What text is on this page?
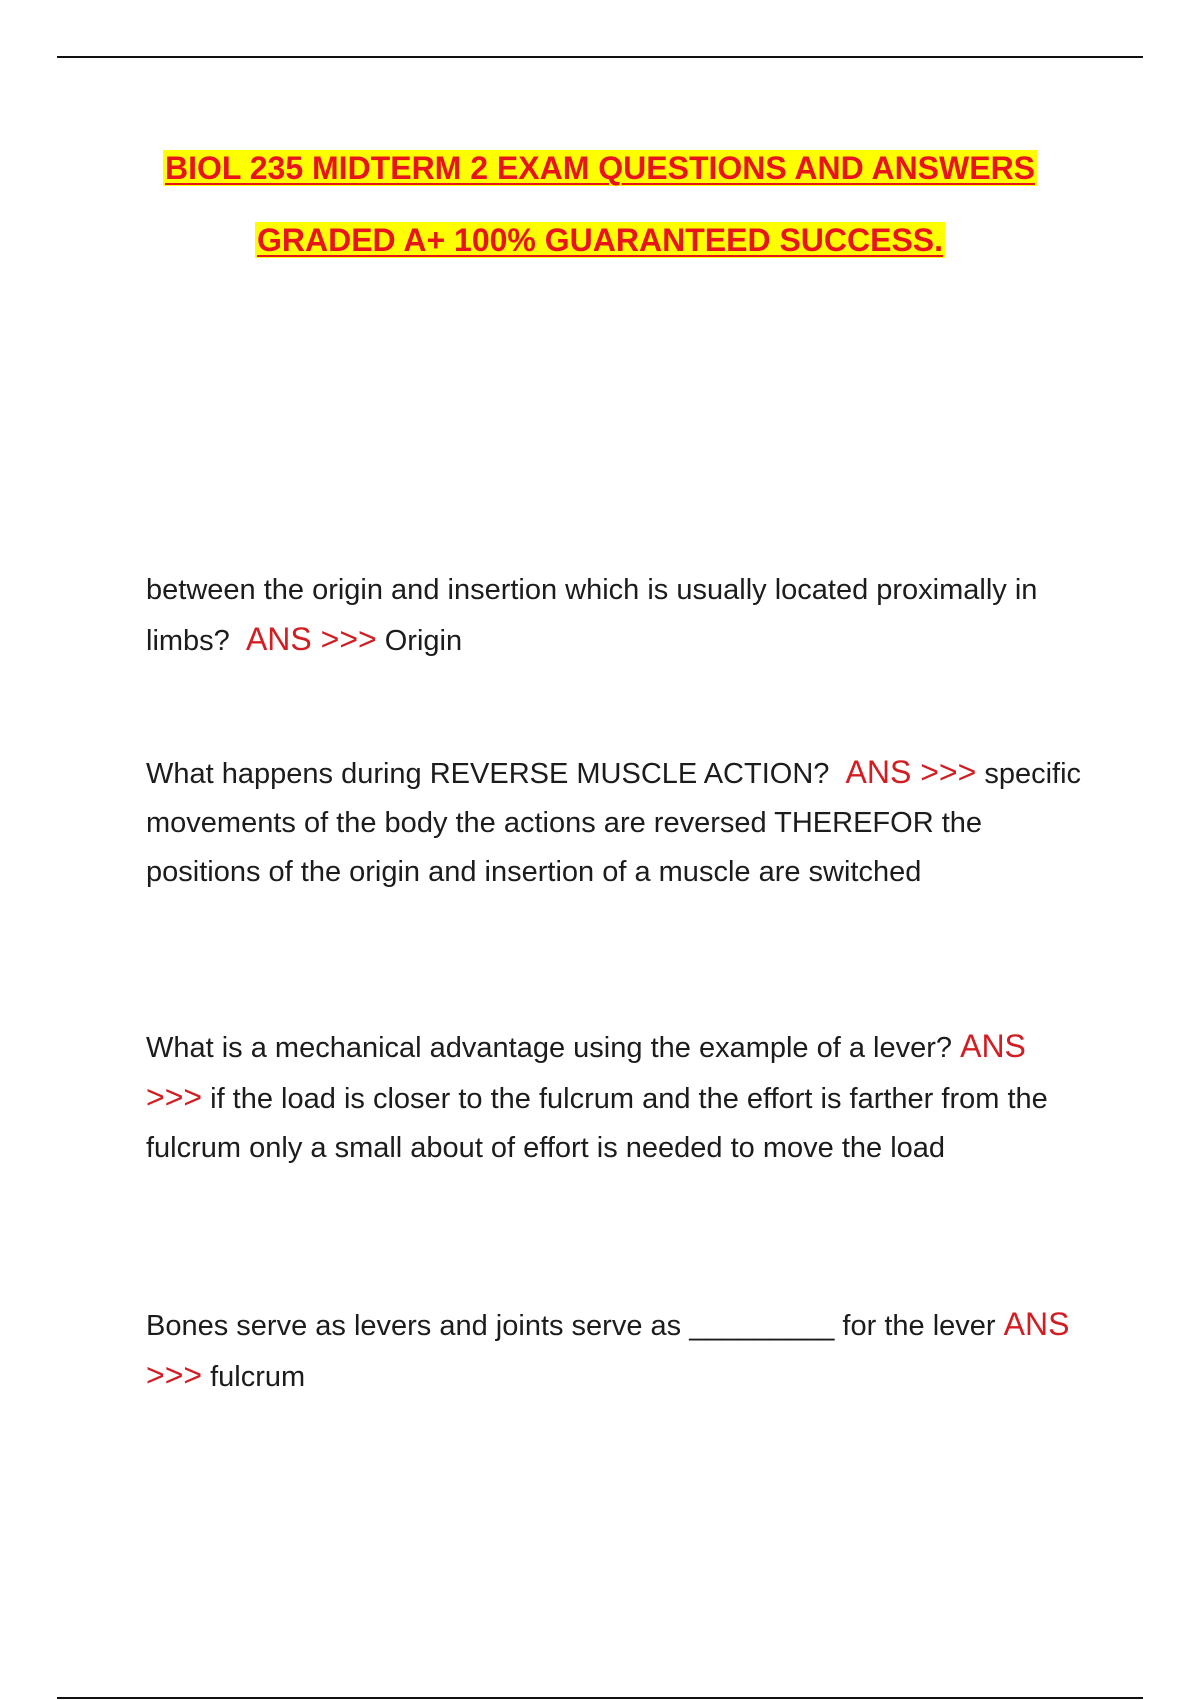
BIOL 235 MIDTERM 2 EXAM QUESTIONS AND ANSWERS
GRADED A+ 100% GUARANTEED SUCCESS.

between the origin and insertion which is usually located proximally in limbs? ANS >>> Origin

What happens during REVERSE MUSCLE ACTION? ANS >>> specific movements of the body the actions are reversed THEREFOR the positions of the origin and insertion of a muscle are switched

What is a mechanical advantage using the example of a lever? ANS >>> if the load is closer to the fulcrum and the effort is farther from the fulcrum only a small about of effort is needed to move the load

Bones serve as levers and joints serve as _________ for the lever ANS >>> fulcrum
